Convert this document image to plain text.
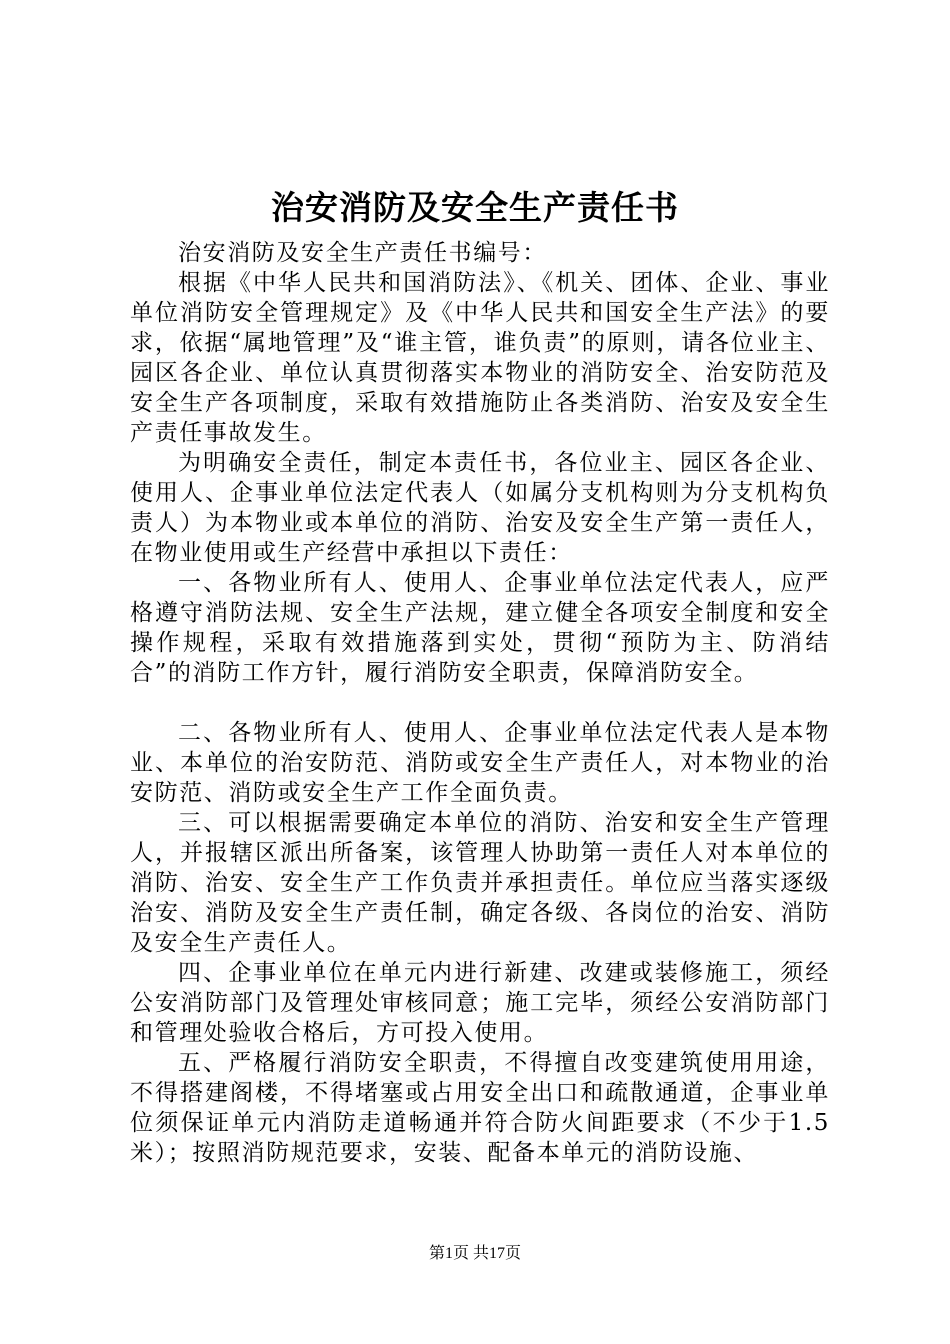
治安消防及安全生产责任书

治安消防及安全生产责任书编号：

根据《中华人民共和国消防法》、《机关、团体、企业、事业单位消防安全管理规定》及《中华人民共和国安全生产法》的要求，依据“属地管理”及“谁主管，谁负责”的原则，请各位业主、园区各企业、单位认真贯彻落实本物业的消防安全、治安防范及安全生产各项制度，采取有效措施防止各类消防、治安及安全生产责任事故发生。

为明确安全责任，制定本责任书，各位业主、园区各企业、使用人、企事业单位法定代表人（如属分支机构则为分支机构负责人）为本物业或本单位的消防、治安及安全生产第一责任人，在物业使用或生产经营中承担以下责任：

一、各物业所有人、使用人、企事业单位法定代表人，应严格遵守消防法规、安全生产法规，建立健全各项安全制度和安全操作规程，采取有效措施落到实处，贯彻“预防为主、防消结合”的消防工作方针，履行消防安全职责，保障消防安全。

二、各物业所有人、使用人、企事业单位法定代表人是本物业、本单位的治安防范、消防或安全生产责任人，对本物业的治安防范、消防或安全生产工作全面负责。

三、可以根据需要确定本单位的消防、治安和安全生产管理人，并报辖区派出所备案，该管理人协助第一责任人对本单位的消防、治安、安全生产工作负责并承担责任。单位应当落实逐级治安、消防及安全生产责任制，确定各级、各岗位的治安、消防及安全生产责任人。

四、企事业单位在单元内进行新建、改建或装修施工，须经公安消防部门及管理处审核同意；施工完毕，须经公安消防部门和管理处验收合格后，方可投入使用。

五、严格履行消防安全职责，不得擅自改变建筑使用用途，不得搭建阁楼，不得堵塞或占用安全出口和疏散通道，企事业单位须保证单元内消防走道畅通并符合防火间距要求（不少于1.5米）；按照消防规范要求，安装、配备本单元的消防设施、

第1页 共17页
